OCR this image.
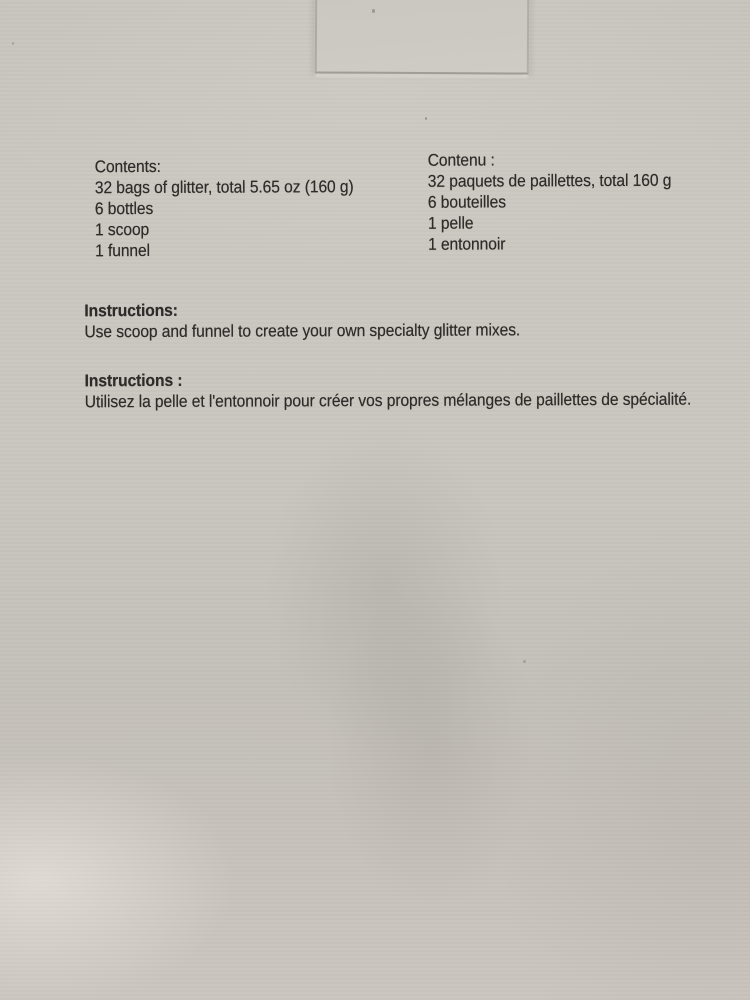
Contents:
32 bags of glitter, total 5.65 oz (160 g)
6 bottles
1 scoop
1 funnel
Contenu :
32 paquets de paillettes, total 160 g
6 bouteilles
1 pelle
1 entonnoir
Instructions:
Use scoop and funnel to create your own specialty glitter mixes.
Instructions :
Utilisez la pelle et l'entonnoir pour créer vos propres mélanges de paillettes de spécialité.
